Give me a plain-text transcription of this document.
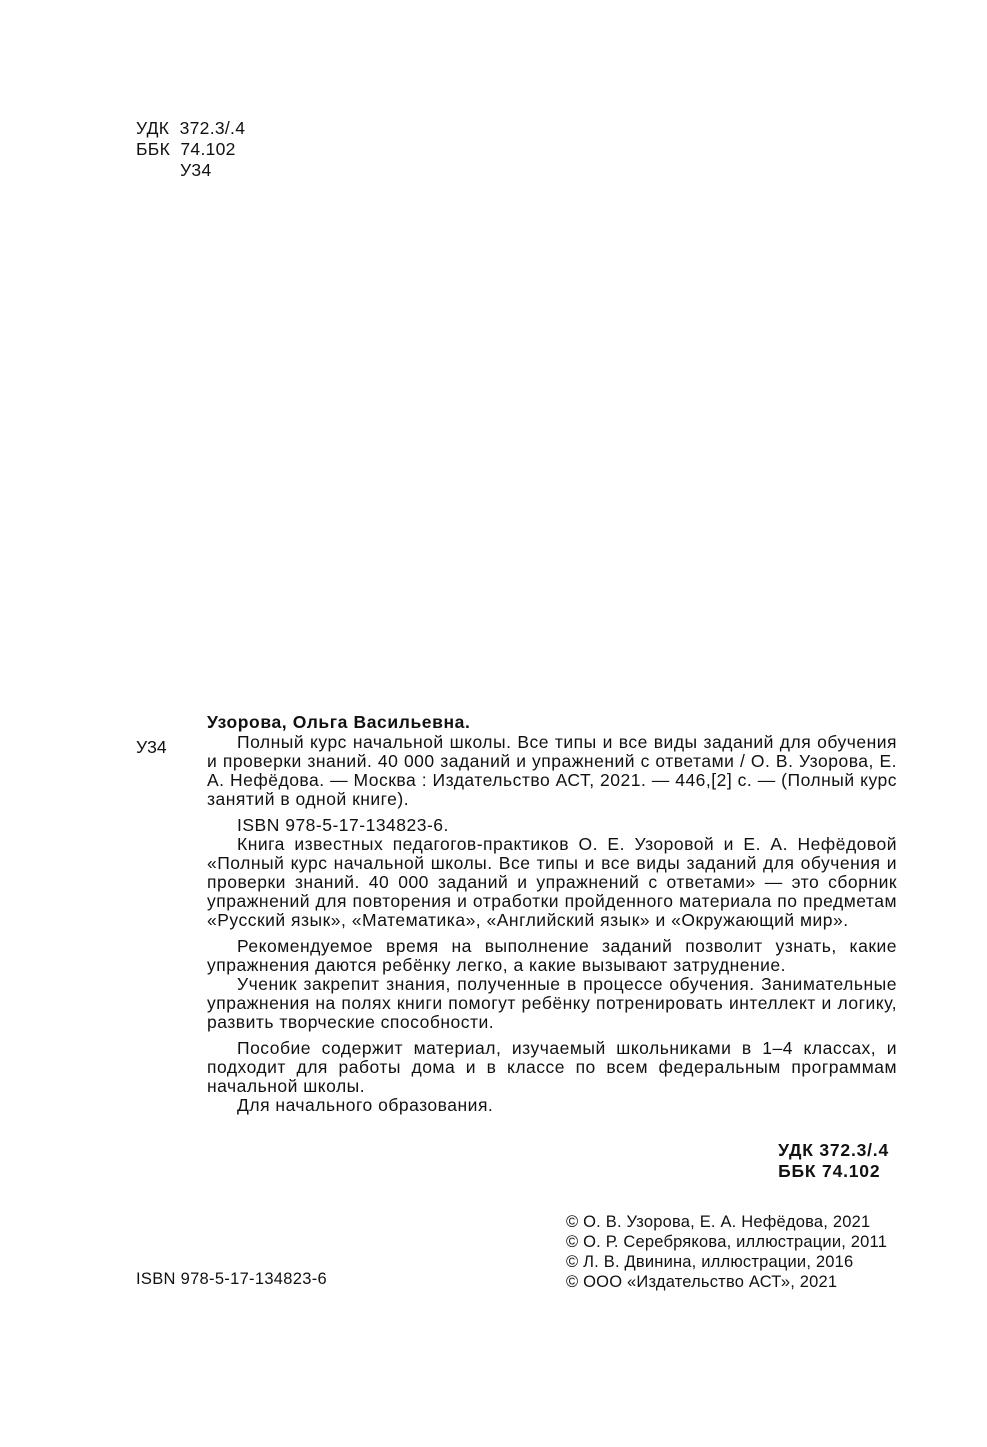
УДК  372.3/.4
ББК  74.102
У34
У34
Узорова, Ольга Васильевна.

Полный курс начальной школы. Все типы и все виды заданий для обучения и проверки знаний. 40 000 заданий и упражнений с ответами / О. В. Узорова, Е. А. Нефёдова. — Москва : Издательство АСТ, 2021. — 446,[2] с. — (Полный курс занятий в одной книге).

ISBN 978-5-17-134823-6.

Книга известных педагогов-практиков О. Е. Узоровой и Е. А. Нефёдовой «Полный курс начальной школы. Все типы и все виды заданий для обучения и проверки знаний. 40 000 заданий и упражнений с ответами» — это сборник упражнений для повторения и отработки пройденного материала по предметам «Русский язык», «Математика», «Английский язык» и «Окружающий мир».

Рекомендуемое время на выполнение заданий позволит узнать, какие упражнения даются ребёнку легко, а какие вызывают затруднение.

Ученик закрепит знания, полученные в процессе обучения. Занимательные упражнения на полях книги помогут ребёнку потренировать интеллект и логику, развить творческие способности.

Пособие содержит материал, изучаемый школьниками в 1–4 классах, и подходит для работы дома и в классе по всем федеральным программам начальной школы.

Для начального образования.

УДК 372.3/.4
ББК 74.102
© О. В. Узорова, Е. А. Нефёдова, 2021
© О. Р. Серебрякова, иллюстрации, 2011
© Л. В. Двинина, иллюстрации, 2016
© ООО «Издательство АСТ», 2021
ISBN 978-5-17-134823-6
